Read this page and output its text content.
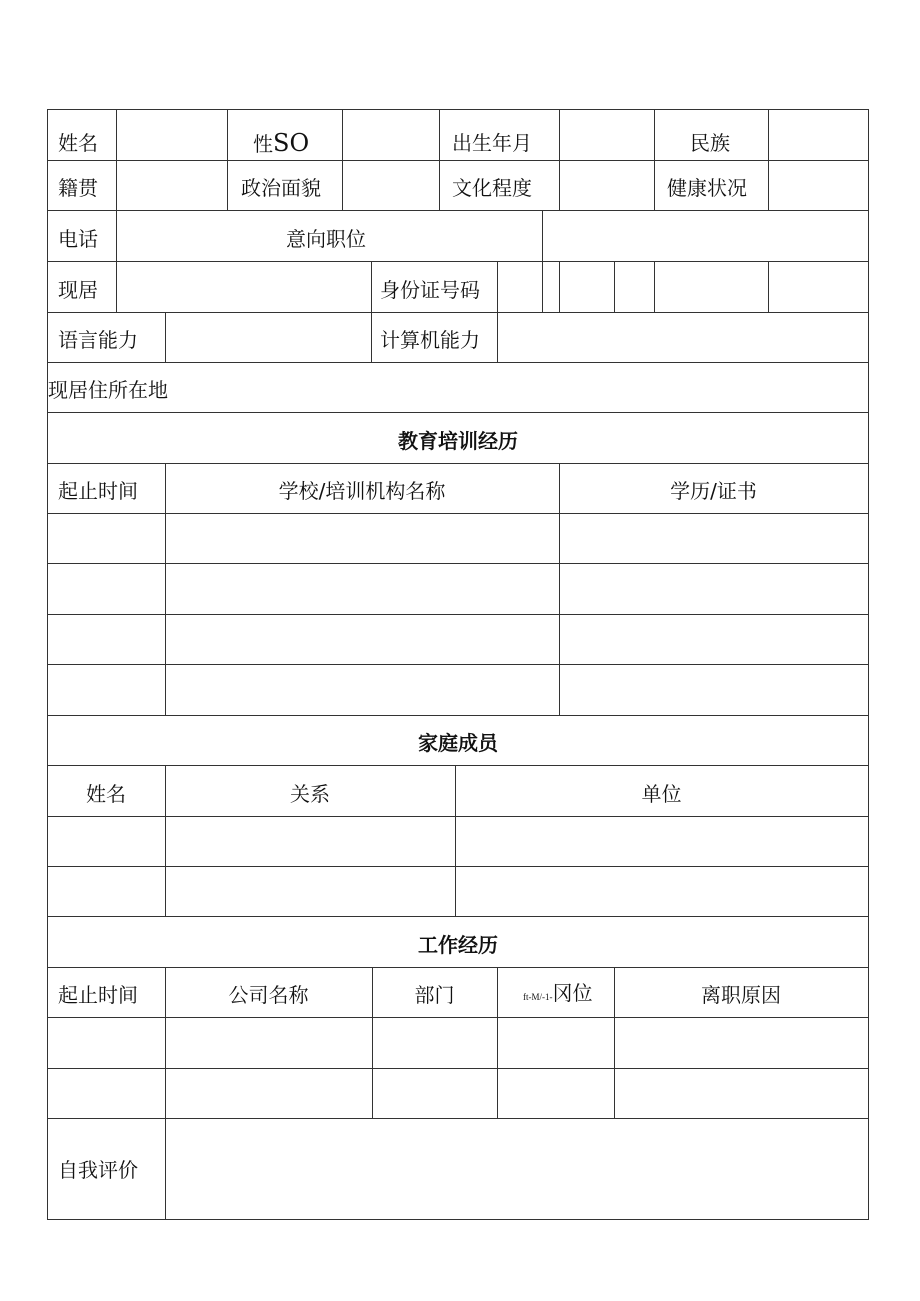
姓名	性SO	出生年月	民族
籍贯	政治面貌	文化程度	健康状况
电话	意向职位
现居	身份证号码
语言能力	计算机能力
现居住所在地
教育培训经历
起止时间	学校/培训机构名称	学历/证书
家庭成员
姓名	关系	单位
工作经历
起止时间	公司名称	部门	ft-M/-1-冈位	离职原因
自我评价
